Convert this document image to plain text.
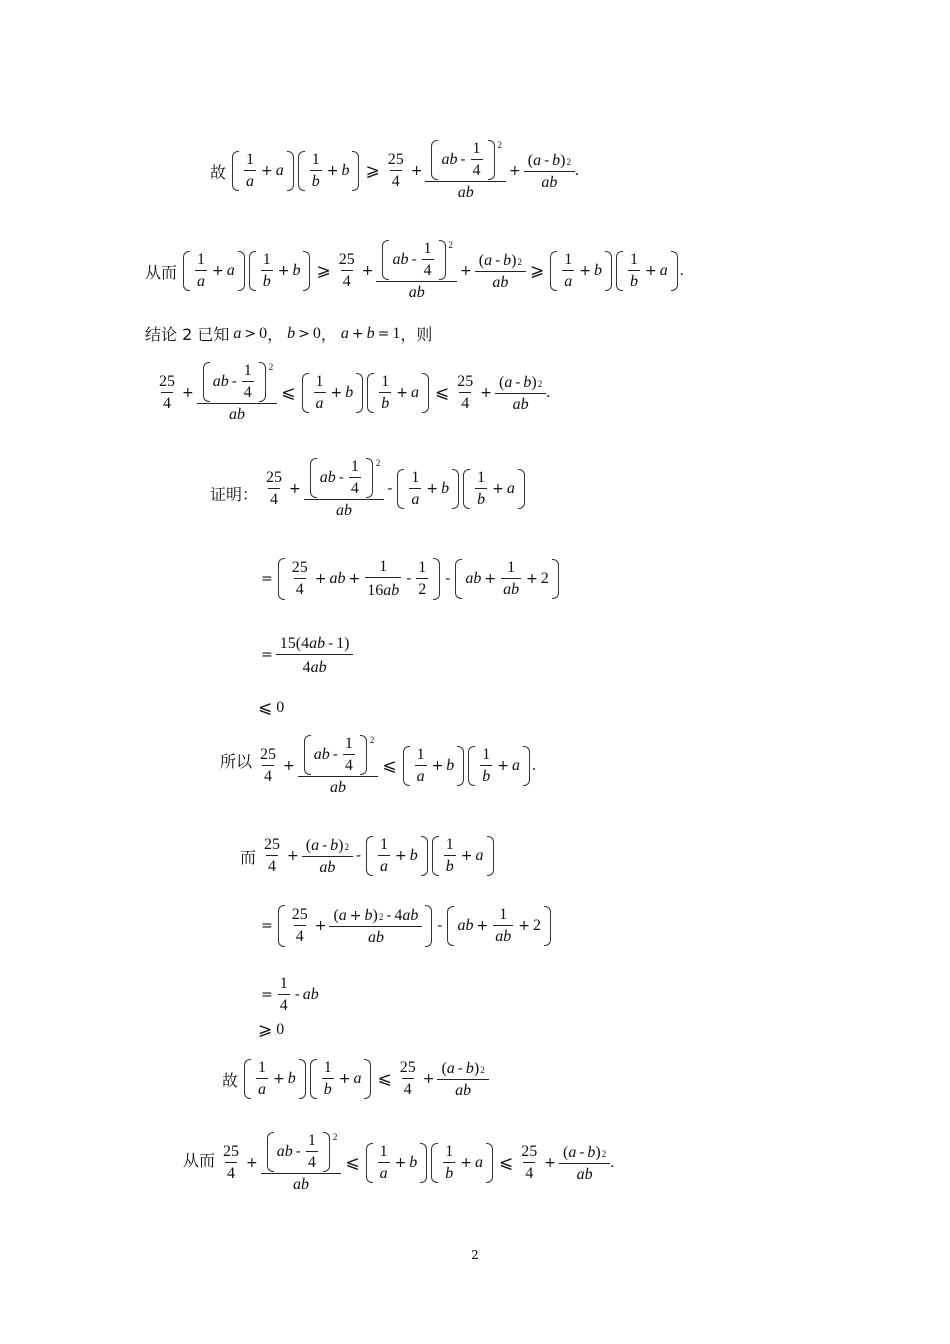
故 $\frac{1}{a} + a \frac{1}{b} + b$ ⩾ $\frac{25}{4} + \frac{ab - \frac{1}{4} 2}{ab} + \frac{(a - b)2}{ab}$ .
从而 $\frac{1}{a} + a \frac{1}{b} + b$ ⩾ $\frac{25}{4} + \frac{ab - \frac{1}{4} 2}{ab} + \frac{(a - b)2}{ab}$ ⩾ $\frac{1}{a} + b \frac{1}{b} + a$ .
结论 2 已知 a > 0 ， b > 0 ， a + b = 1 ，则
$\frac{25}{4} + \frac{ab - \frac{1}{4} 2}{ab}$ ⩽ $\frac{1}{a} + b \frac{1}{b} + a$ ⩽ $\frac{25}{4} + \frac{(a - b)2}{ab}$ .
证明： $\frac{25}{4} + \frac{ab - \frac{1}{4} 2}{ab} - \frac{1}{a} + b \frac{1}{b} + a$
= $\frac{25}{4}$ + ab + $\frac{1}{16ab} - \frac{1}{2}$ - ab + $\frac{1}{ab} + 2$
= $\frac{15(4ab - 1)}{4ab}$
⩽ 0
所以 $\frac{25}{4} + \frac{ab - \frac{1}{4} 2}{ab}$ ⩽ $\frac{1}{a} + b \frac{1}{b} + a$ .
而 $\frac{25}{4} + \frac{(a - b)2}{ab} - \frac{1}{a} + b \frac{1}{b} + a$
= $\frac{25}{4} + \frac{(a + b)2 - 4ab}{ab}$ - ab + $\frac{1}{ab} + 2$
= $\frac{1}{4}$ - ab
⩾ 0
故 $\frac{1}{a} + b \frac{1}{b} + a$ ⩽ $\frac{25}{4} + \frac{(a - b)2}{ab}$
从而 $\frac{25}{4} + \frac{ab - \frac{1}{4} 2}{ab}$ ⩽ $\frac{1}{a} + b \frac{1}{b} + a$ ⩽ $\frac{25}{4} + \frac{(a - b)2}{ab}$ .
2
